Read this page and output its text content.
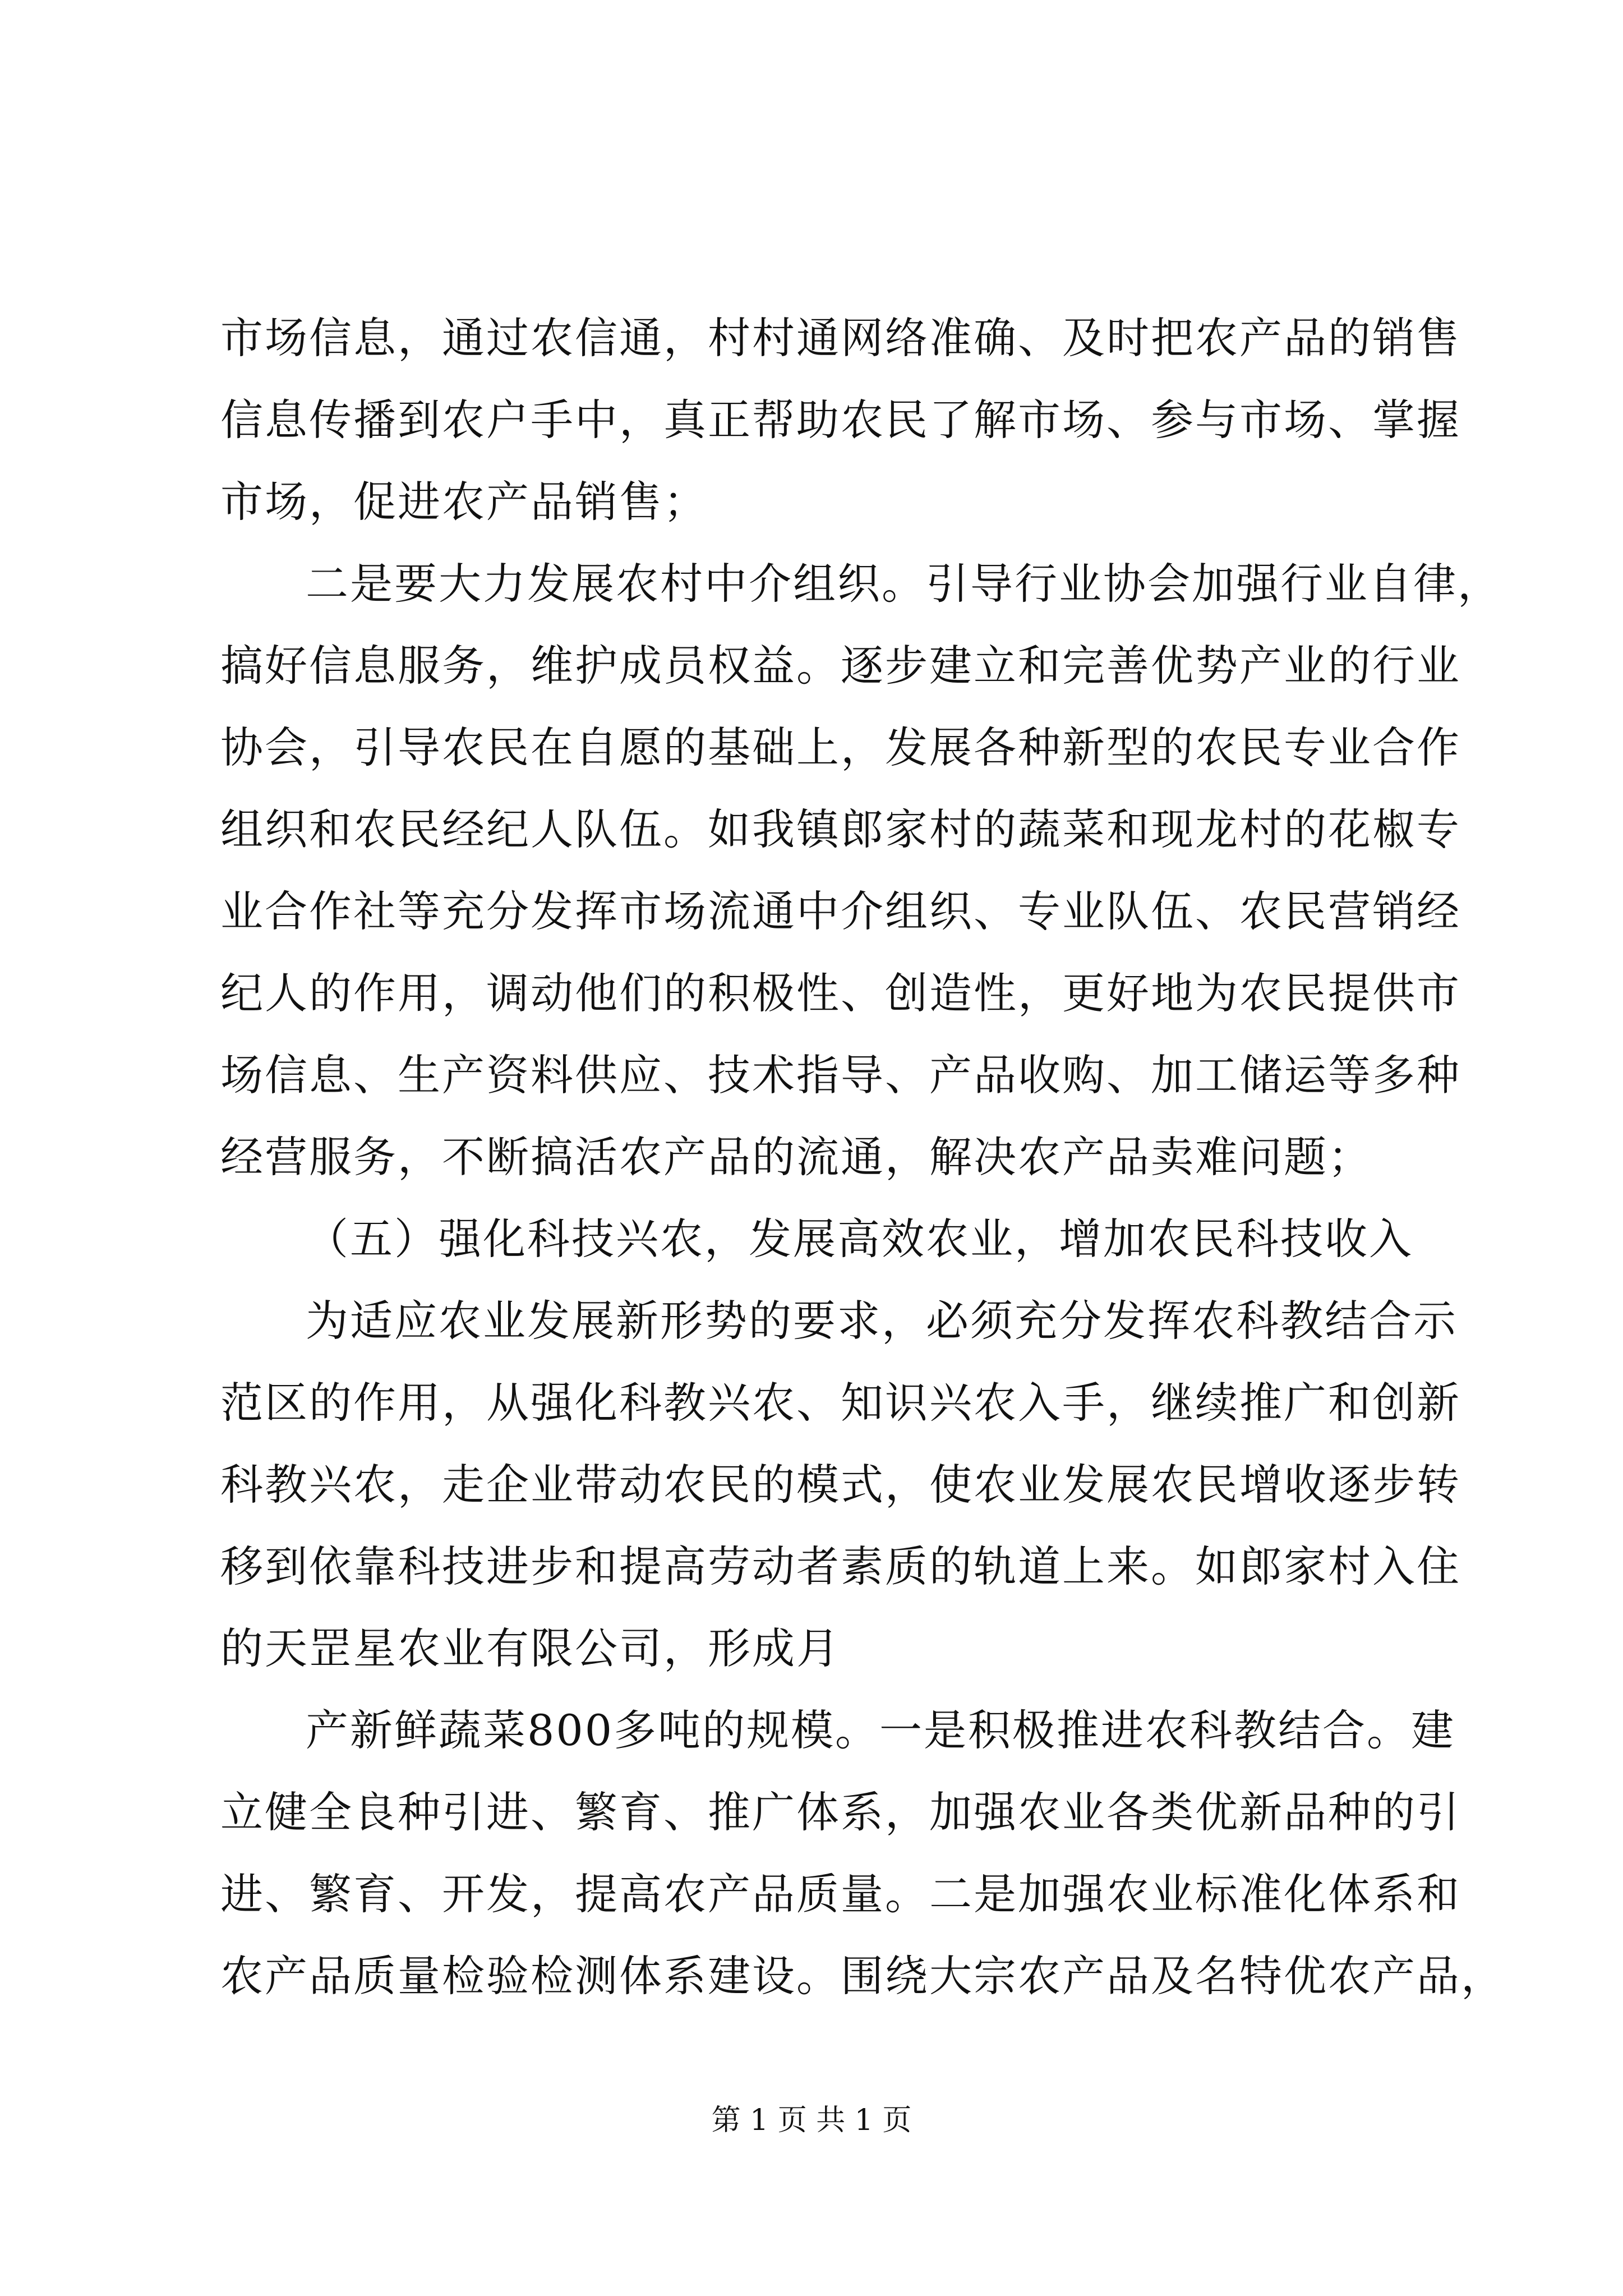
市场信息，通过农信通，村村通网络准确、及时把农产品的销售
信息传播到农户手中，真正帮助农民了解市场、参与市场、掌握
市场，促进农产品销售；
二是要大力发展农村中介组织。引导行业协会加强行业自律，
搞好信息服务，维护成员权益。逐步建立和完善优势产业的行业
协会，引导农民在自愿的基础上，发展各种新型的农民专业合作
组织和农民经纪人队伍。如我镇郎家村的蔬菜和现龙村的花椒专
业合作社等充分发挥市场流通中介组织、专业队伍、农民营销经
纪人的作用，调动他们的积极性、创造性，更好地为农民提供市
场信息、生产资料供应、技术指导、产品收购、加工储运等多种
经营服务，不断搞活农产品的流通，解决农产品卖难问题；
（五）强化科技兴农，发展高效农业，增加农民科技收入
为适应农业发展新形势的要求，必须充分发挥农科教结合示
范区的作用，从强化科教兴农、知识兴农入手，继续推广和创新
科教兴农，走企业带动农民的模式，使农业发展农民增收逐步转
移到依靠科技进步和提高劳动者素质的轨道上来。如郎家村入住
的天罡星农业有限公司，形成月
产新鲜蔬菜800多吨的规模。一是积极推进农科教结合。建
立健全良种引进、繁育、推广体系，加强农业各类优新品种的引
进、繁育、开发，提高农产品质量。二是加强农业标准化体系和
农产品质量检验检测体系建设。围绕大宗农产品及名特优农产品，
第 1 页 共 1 页
